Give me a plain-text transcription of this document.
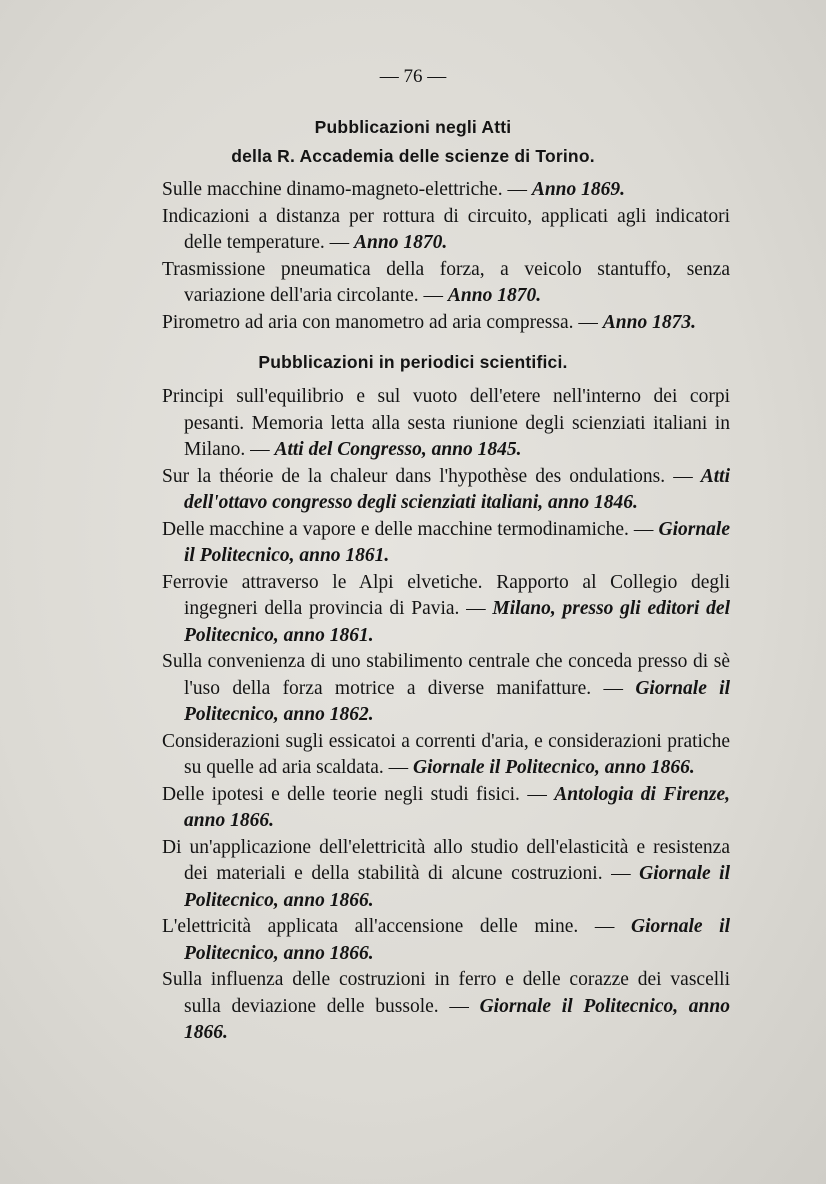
— 76 —
Pubblicazioni negli Atti
della R. Accademia delle scienze di Torino.
Sulle macchine dinamo-magneto-elettriche. — Anno 1869.
Indicazioni a distanza per rottura di circuito, applicati agli indicatori delle temperature. — Anno 1870.
Trasmissione pneumatica della forza, a veicolo stantuffo, senza variazione dell'aria circolante. — Anno 1870.
Pirometro ad aria con manometro ad aria compressa. — Anno 1873.
Pubblicazioni in periodici scientifici.
Principi sull'equilibrio e sul vuoto dell'etere nell'interno dei corpi pesanti. Memoria letta alla sesta riunione degli scienziati italiani in Milano. — Atti del Congresso, anno 1845.
Sur la théorie de la chaleur dans l'hypothèse des ondulations. — Atti dell'ottavo congresso degli scienziati italiani, anno 1846.
Delle macchine a vapore e delle macchine termodinamiche. — Giornale il Politecnico, anno 1861.
Ferrovie attraverso le Alpi elvetiche. Rapporto al Collegio degli ingegneri della provincia di Pavia. — Milano, presso gli editori del Politecnico, anno 1861.
Sulla convenienza di uno stabilimento centrale che conceda presso di sè l'uso della forza motrice a diverse manifatture. — Giornale il Politecnico, anno 1862.
Considerazioni sugli essicatoi a correnti d'aria, e considerazioni pratiche su quelle ad aria scaldata. — Giornale il Politecnico, anno 1866.
Delle ipotesi e delle teorie negli studi fisici. — Antologia di Firenze, anno 1866.
Di un'applicazione dell'elettricità allo studio dell'elasticità e resistenza dei materiali e della stabilità di alcune costruzioni. — Giornale il Politecnico, anno 1866.
L'elettricità applicata all'accensione delle mine. — Giornale il Politecnico, anno 1866.
Sulla influenza delle costruzioni in ferro e delle corazze dei vascelli sulla deviazione delle bussole. — Giornale il Politecnico, anno 1866.
